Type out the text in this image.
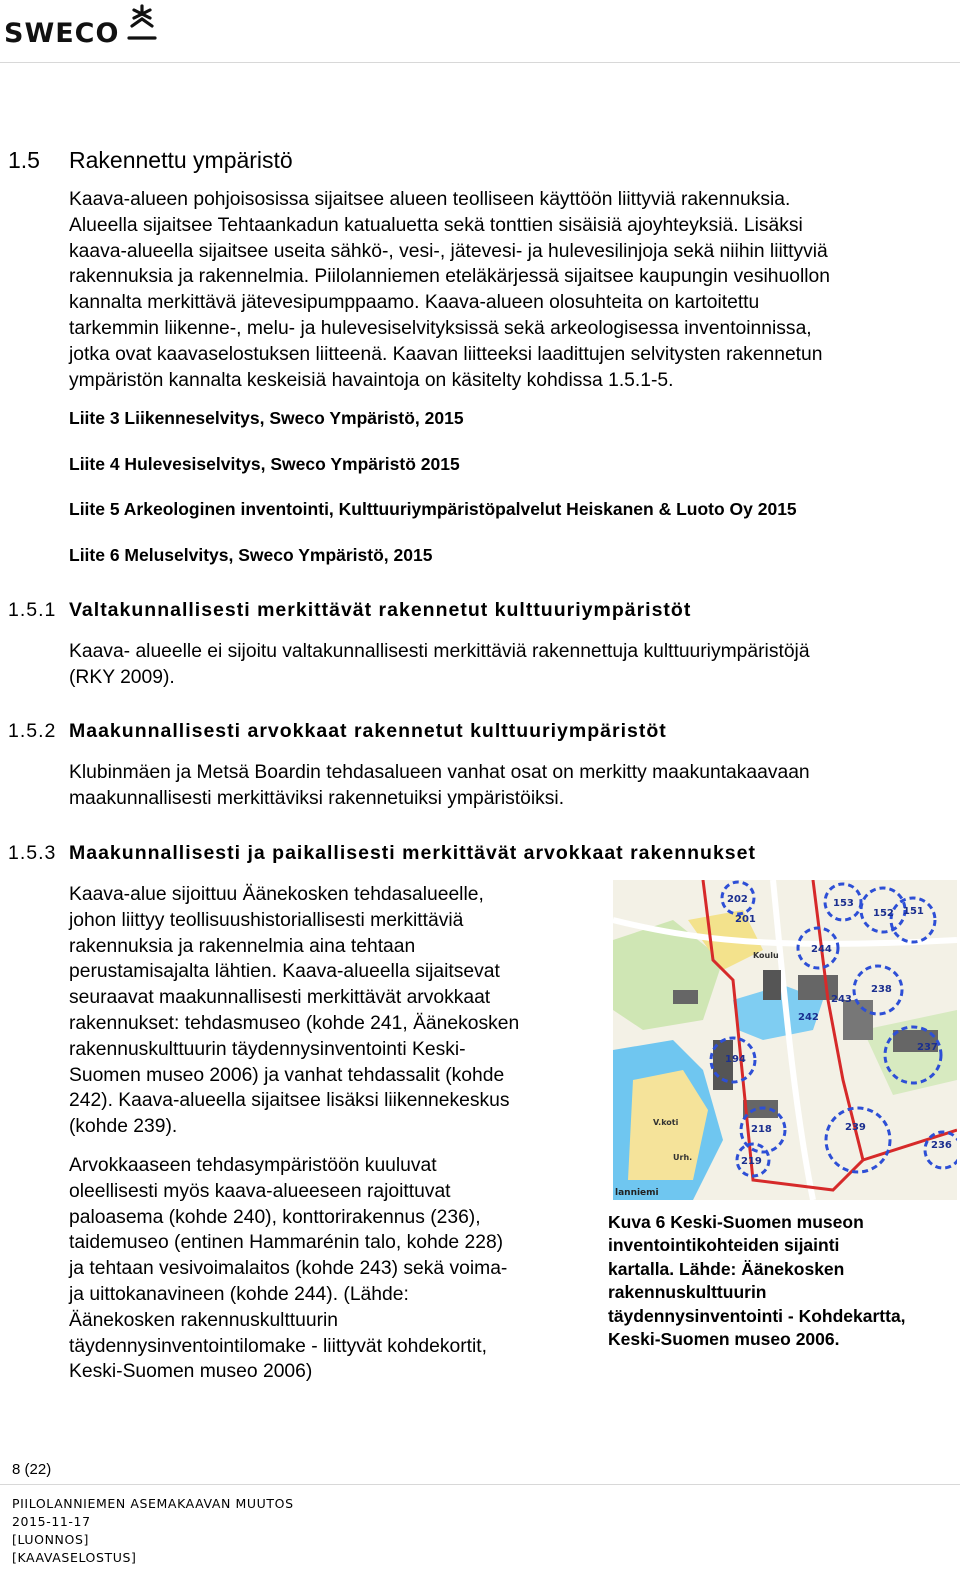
SWECO
1.5 Rakennettu ympäristö
Kaava-alueen pohjoisosissa sijaitsee alueen teolliseen käyttöön liittyviä rakennuksia.
Alueella sijaitsee Tehtaankadun katualuetta sekä tonttien sisäisiä ajoyhteyksiä. Lisäksi
kaava-alueella sijaitsee useita sähkö-, vesi-, jätevesi- ja hulevesilinjoja sekä niihin liittyviä
rakennuksia ja rakennelmia. Piilolanniemen eteläkärjessä sijaitsee kaupungin vesihuollon
kannalta merkittävä jätevesipumppaamo. Kaava-alueen olosuhteita on kartoitettu
tarkemmin liikenne-, melu- ja hulevesiselvityksissä sekä arkeologisessa inventoinnissa,
jotka ovat kaavaselostuksen liitteenä. Kaavan liitteeksi laadittujen selvitysten rakennetun
ympäristön kannalta keskeisiä havaintoja on käsitelty kohdissa 1.5.1-5.
Liite 3 Liikenneselvitys, Sweco Ympäristö, 2015
Liite 4 Hulevesiselvitys, Sweco Ympäristö 2015
Liite 5 Arkeologinen inventointi, Kulttuuriympäristöpalvelut Heiskanen & Luoto Oy 2015
Liite 6 Meluselvitys, Sweco Ympäristö, 2015
1.5.1 Valtakunnallisesti merkittävät rakennetut kulttuuriympäristöt
Kaava- alueelle ei sijoitu valtakunnallisesti merkittäviä rakennettuja kulttuuriympäristöjä
(RKY 2009).
1.5.2 Maakunnallisesti arvokkaat rakennetut kulttuuriympäristöt
Klubinmäen ja Metsä Boardin tehdasalueen vanhat osat on merkitty maakuntakaavaan
maakunnallisesti merkittäviksi rakennetuiksi ympäristöiksi.
1.5.3 Maakunnallisesti ja paikallisesti merkittävät arvokkaat rakennukset
Kaava-alue sijoittuu Äänekosken tehdasalueelle,
johon liittyy teollisuushistoriallisesti merkittäviä
rakennuksia ja rakennelmia aina tehtaan
perustamisajalta lähtien. Kaava-alueella sijaitsevat
seuraavat maakunnallisesti merkittävät arvokkaat
rakennukset: tehdasmuseo (kohde 241, Äänekosken
rakennuskulttuurin täydennysinventointi Keski-
Suomen museo 2006) ja vanhat tehdassalit (kohde
242). Kaava-alueella sijaitsee lisäksi liikennekeskus
(kohde 239).
Arvokkaaseen tehdasympäristöön kuuluvat
oleellisesti myös kaava-alueeseen rajoittuvat
paloasema (kohde 240), konttorirakennus (236),
taidemuseo (entinen Hammarénin talo, kohde 228)
ja tehtaan vesivoimalaitos (kohde 243) sekä voima-
ja uittokanavineen (kohde 244). (Lähde:
Äänekosken rakennuskulttuurin
täydennysinventointilomake - liittyvät kohdekortit,
Keski-Suomen museo 2006)
202
201
153
152 151
Koulu
244
238
243
242
237
194
236
V.koti	239
218
219
Urh.
lanniemi
Kuva 6 Keski-Suomen museon
inventointikohteiden sijainti
kartalla. Lähde: Äänekosken
rakennuskulttuurin
täydennysinventointi - Kohdekartta,
Keski-Suomen museo 2006.
8 (22)
PIILOLANNIEMEN ASEMAKAAVAN MUUTOS
2015-11-17
[LUONNOS]
[KAAVASELOSTUS]
